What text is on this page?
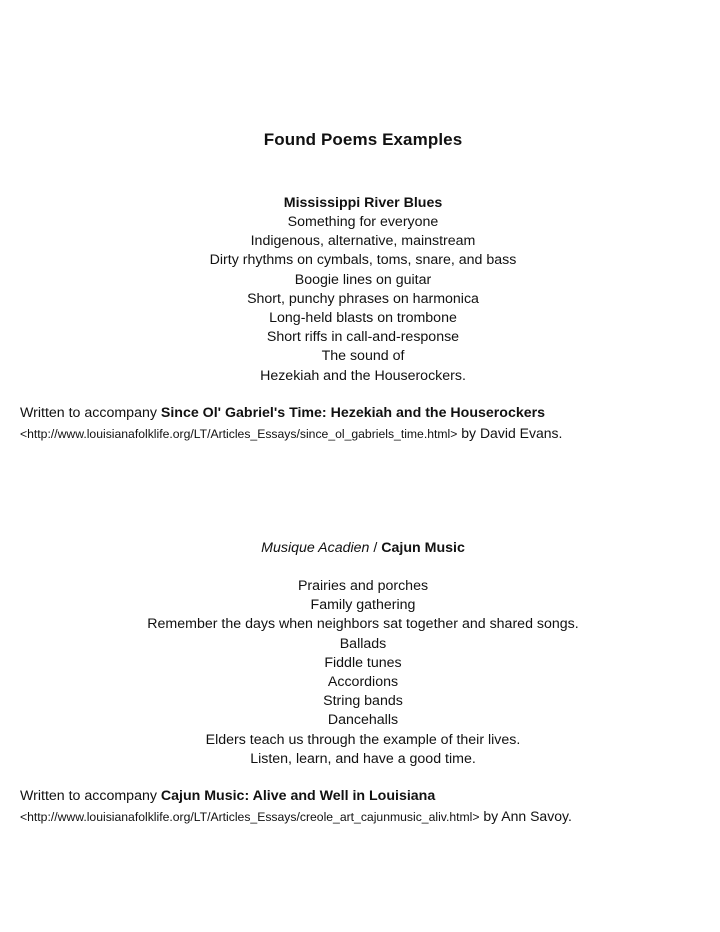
Found Poems Examples
Mississippi River Blues
Something for everyone
Indigenous, alternative, mainstream
Dirty rhythms on cymbals, toms, snare, and bass
Boogie lines on guitar
Short, punchy phrases on harmonica
Long-held blasts on trombone
Short riffs in call-and-response
The sound of
Hezekiah and the Houserockers.
Written to accompany Since Ol' Gabriel's Time: Hezekiah and the Houserockers
<http://www.louisianafolklife.org/LT/Articles_Essays/since_ol_gabriels_time.html> by David Evans.
Musique Acadien / Cajun Music
Prairies and porches
Family gathering
Remember the days when neighbors sat together and shared songs.
Ballads
Fiddle tunes
Accordions
String bands
Dancehalls
Elders teach us through the example of their lives.
Listen, learn, and have a good time.
Written to accompany Cajun Music: Alive and Well in Louisiana
<http://www.louisianafolklife.org/LT/Articles_Essays/creole_art_cajunmusic_aliv.html> by Ann Savoy.
